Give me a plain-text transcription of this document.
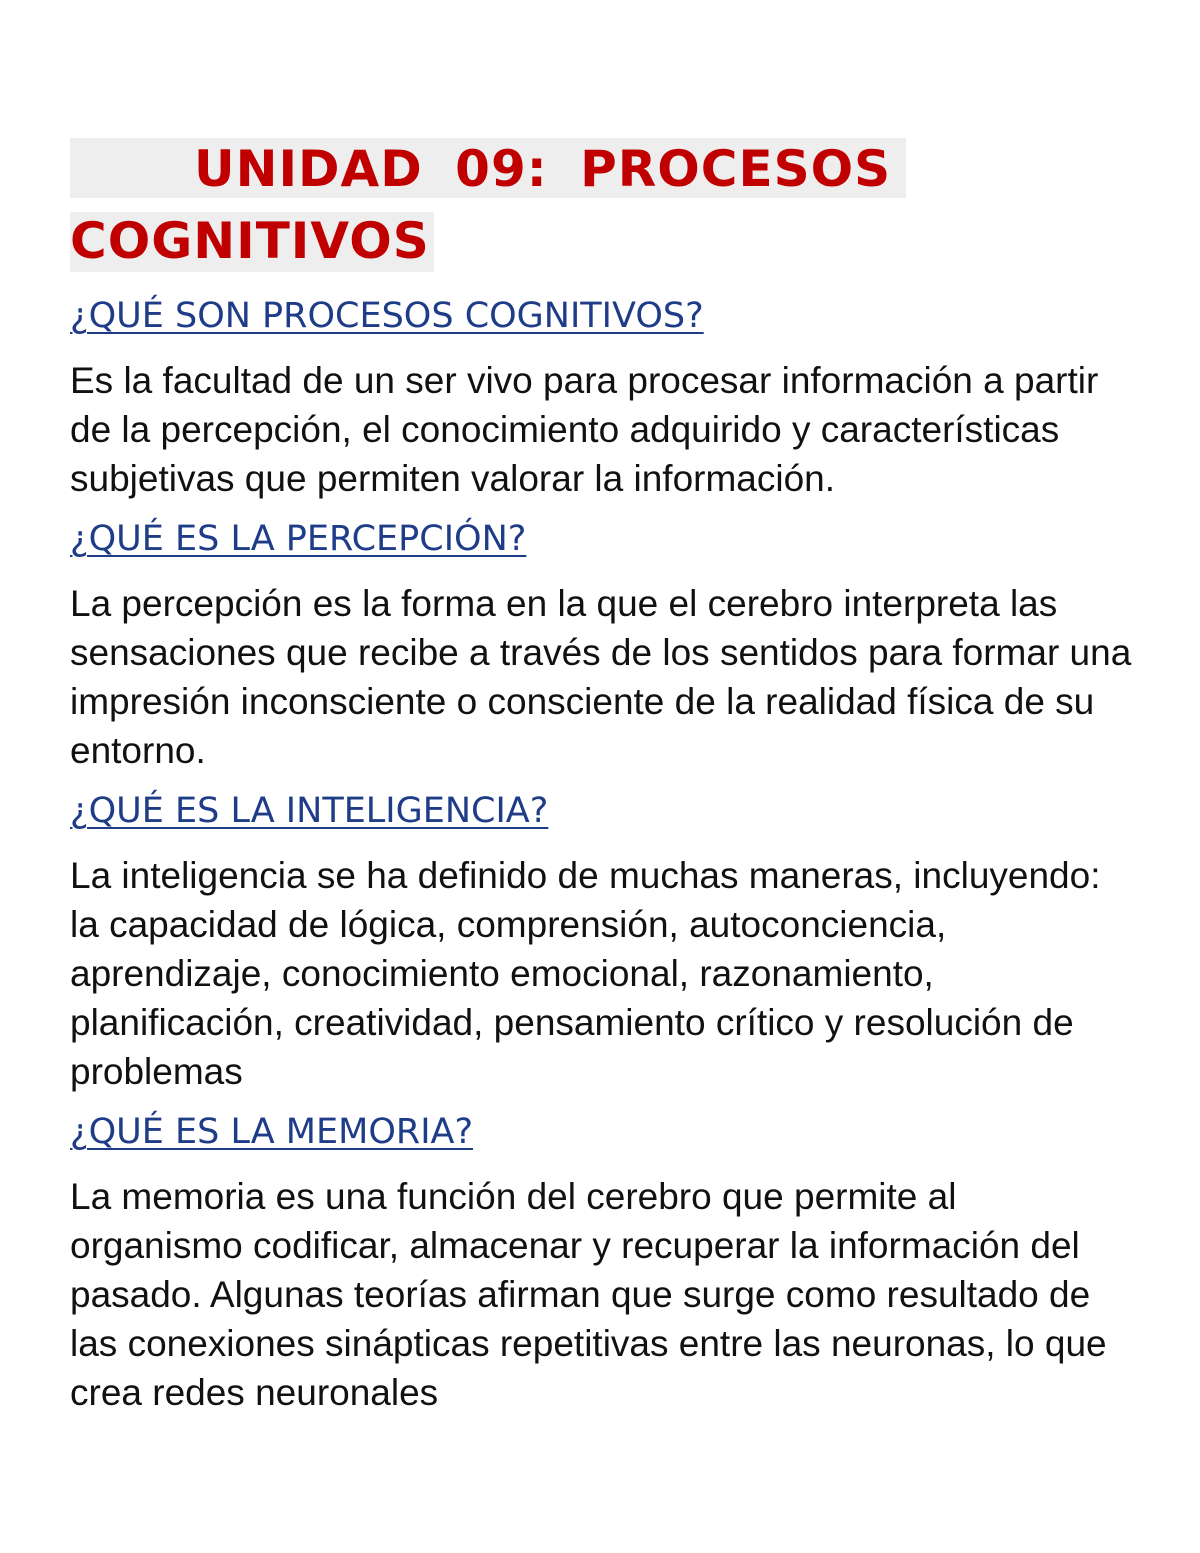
UNIDAD 09: PROCESOS

COGNITIVOS

¿QUÉ SON PROCESOS COGNITIVOS?

Es la facultad de un ser vivo para procesar información a partir de la percepción, el conocimiento adquirido y características subjetivas que permiten valorar la información.

¿QUÉ ES LA PERCEPCIÓN?

La percepción es la forma en la que el cerebro interpreta las sensaciones que recibe a través de los sentidos para formar una impresión inconsciente o consciente de la realidad física de su entorno.

¿QUÉ ES LA INTELIGENCIA?

La inteligencia se ha definido de muchas maneras, incluyendo: la capacidad de lógica, comprensión, autoconciencia, aprendizaje, conocimiento emocional, razonamiento, planificación, creatividad, pensamiento crítico y resolución de problemas

¿QUÉ ES LA MEMORIA?

La memoria es una función del cerebro que permite al organismo codificar, almacenar y recuperar la información del pasado. Algunas teorías afirman que surge como resultado de las conexiones sinápticas repetitivas entre las neuronas, lo que crea redes neuronales
